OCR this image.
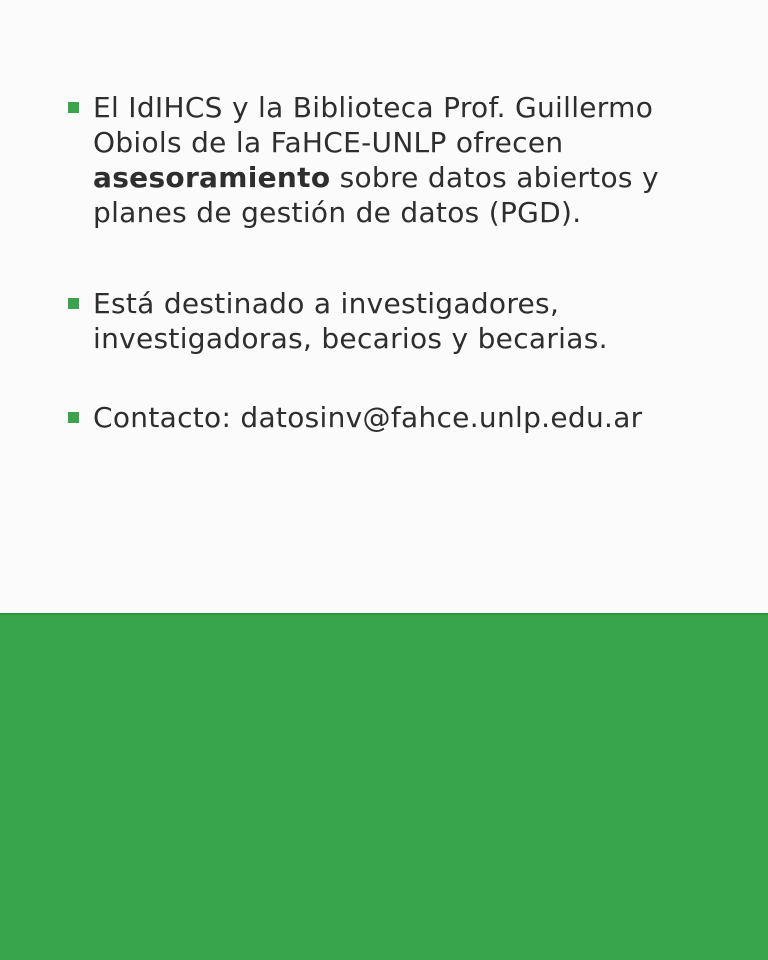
El IdIHCS y la Biblioteca Prof. Guillermo Obiols de la FaHCE-UNLP ofrecen asesoramiento sobre datos abiertos y planes de gestión de datos (PGD).

Está destinado a investigadores, investigadoras, becarios y becarias.

Contacto: datosinv@fahce.unlp.edu.ar
